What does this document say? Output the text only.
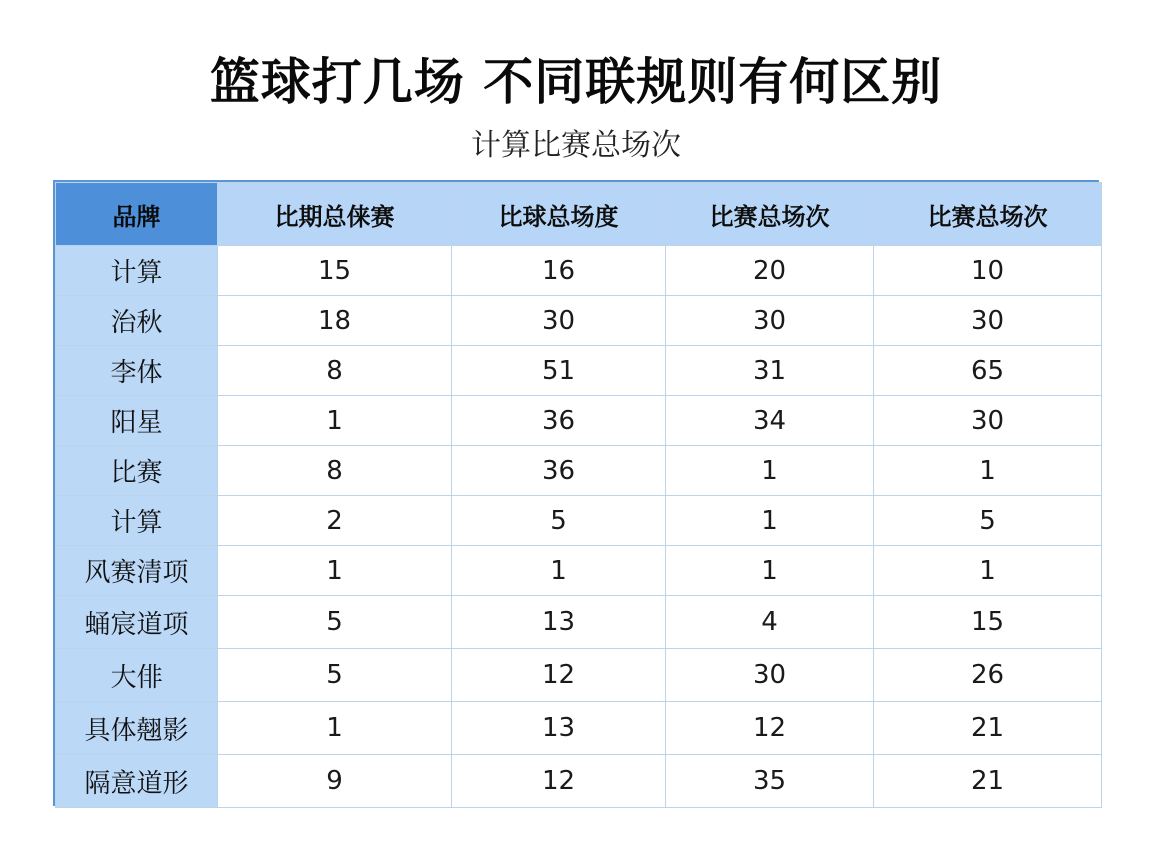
篮球打几场 不同联规则有何区别
计算比赛总场次
品牌	比期总俫赛	比球总场度	比赛总场次	比赛总场次
计算	15	16	20	10
治秋	18	30	30	30
李体	8	51	31	65
阳星	1	36	34	30
比赛	8	36	1	1
计算	2	5	1	5
风赛清项	1	1	1	1
蛹宸道项	5	13	4	15
大俳	5	12	30	26
具体翹影	1	13	12	21
隔意道形	9	12	35	21
